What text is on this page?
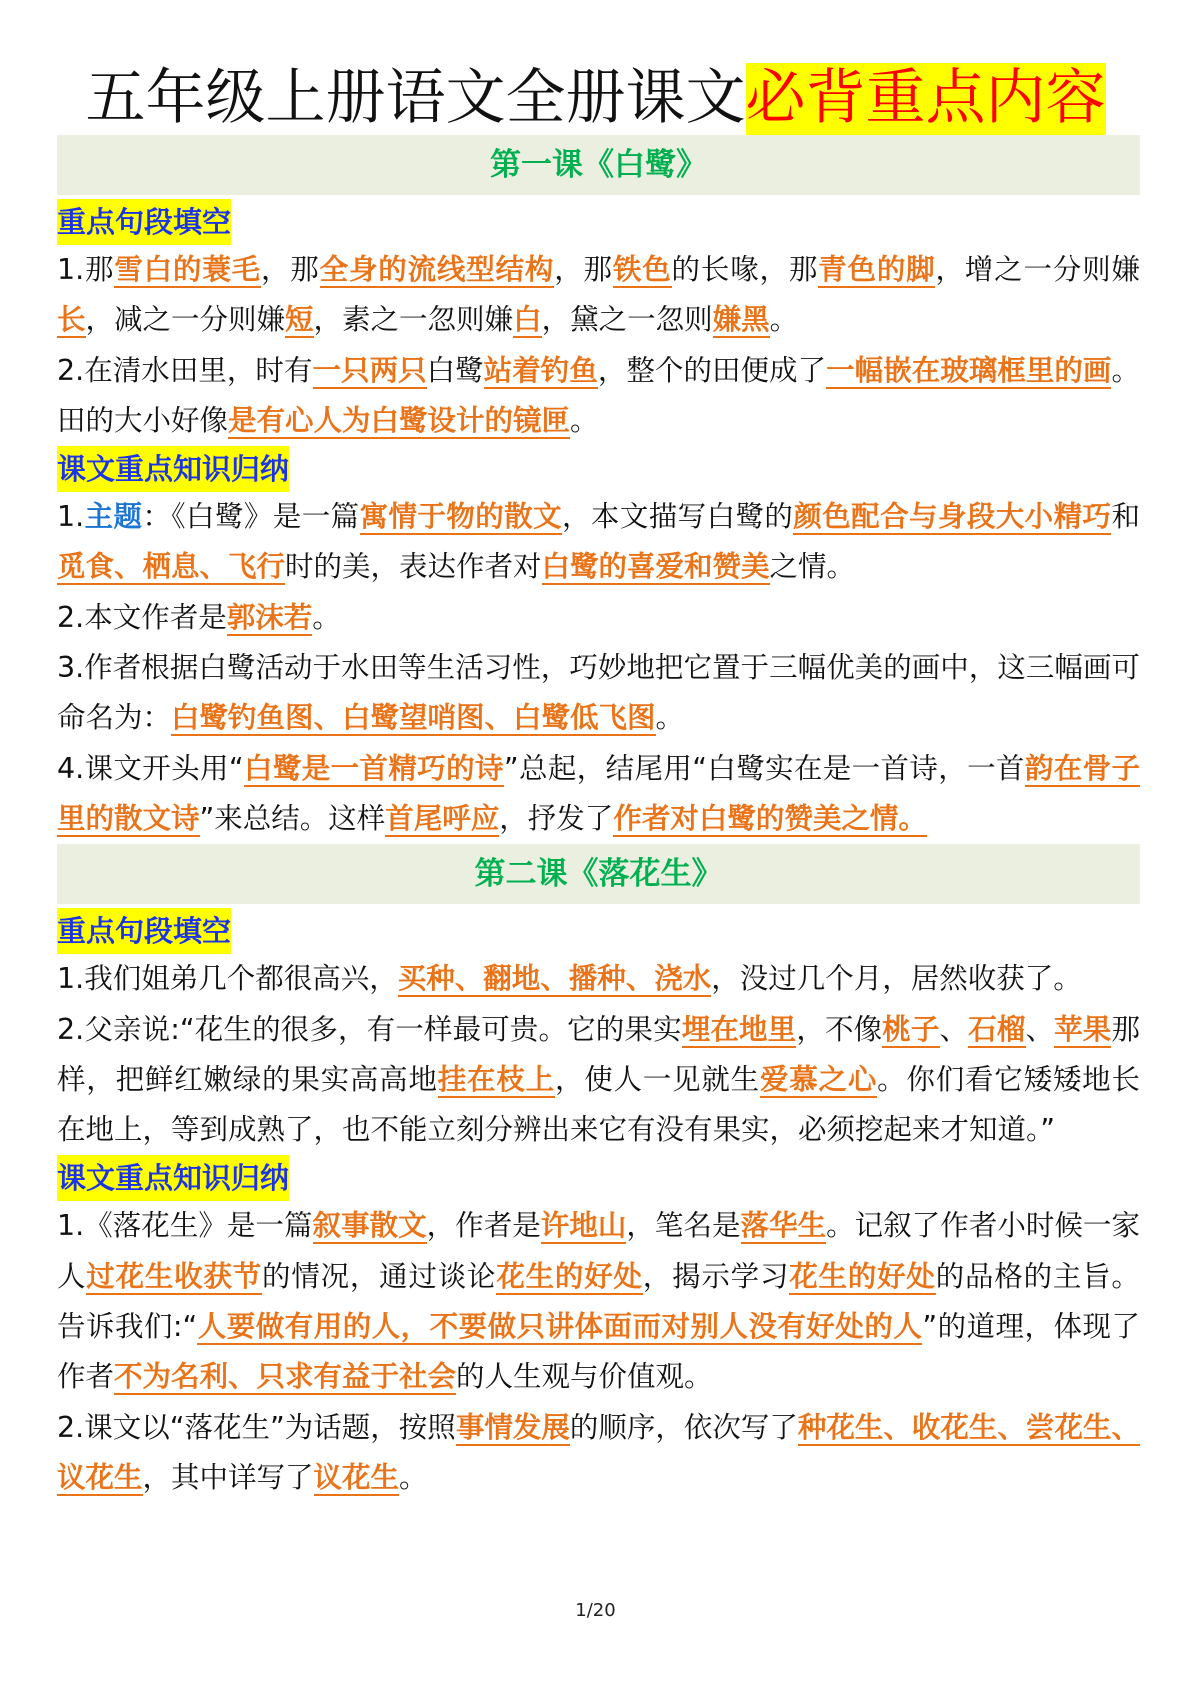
五年级上册语文全册课文必背重点内容
第一课《白鹭》
重点句段填空
1.那雪白的蓑毛，那全身的流线型结构，那铁色的长喙，那青色的脚，增之一分则嫌长，减之一分则嫌短，素之一忽则嫌白，黛之一忽则嫌黑。
2.在清水田里，时有一只两只白鹭站着钓鱼，整个的田便成了一幅嵌在玻璃框里的画。田的大小好像是有心人为白鹭设计的镜匣。
课文重点知识归纳
1.主题：《白鹭》是一篇寓情于物的散文，本文描写白鹭的颜色配合与身段大小精巧和觅食、栖息、飞行时的美，表达作者对白鹭的喜爱和赞美之情。
2.本文作者是郭沫若。
3.作者根据白鹭活动于水田等生活习性，巧妙地把它置于三幅优美的画中，这三幅画可命名为：白鹭钓鱼图、白鹭望哨图、白鹭低飞图。
4.课文开头用“白鹭是一首精巧的诗”总起，结尾用“白鹭实在是一首诗，一首韵在骨子里的散文诗”来总结。这样首尾呼应，抒发了作者对白鹭的赞美之情。
第二课《落花生》
重点句段填空
1.我们姐弟几个都很高兴，买种、翻地、播种、浇水，没过几个月，居然收获了。
2.父亲说:“花生的很多，有一样最可贵。它的果实埋在地里，不像桃子、石榴、苹果那样，把鲜红嫩绿的果实高高地挂在枝上，使人一见就生爱慕之心。你们看它矮矮地长在地上，等到成熟了，也不能立刻分辨出来它有没有果实，必须挖起来才知道。”
课文重点知识归纳
1.《落花生》是一篇叙事散文，作者是许地山，笔名是落华生。记叙了作者小时候一家人过花生收获节的情况，通过谈论花生的好处，揭示学习花生的好处的品格的主旨。告诉我们:“人要做有用的人，不要做只讲体面而对别人没有好处的人”的道理，体现了作者不为名利、只求有益于社会的人生观与价值观。
2.课文以“落花生”为话题，按照事情发展的顺序，依次写了种花生、收花生、尝花生、议花生，其中详写了议花生。
1/20
